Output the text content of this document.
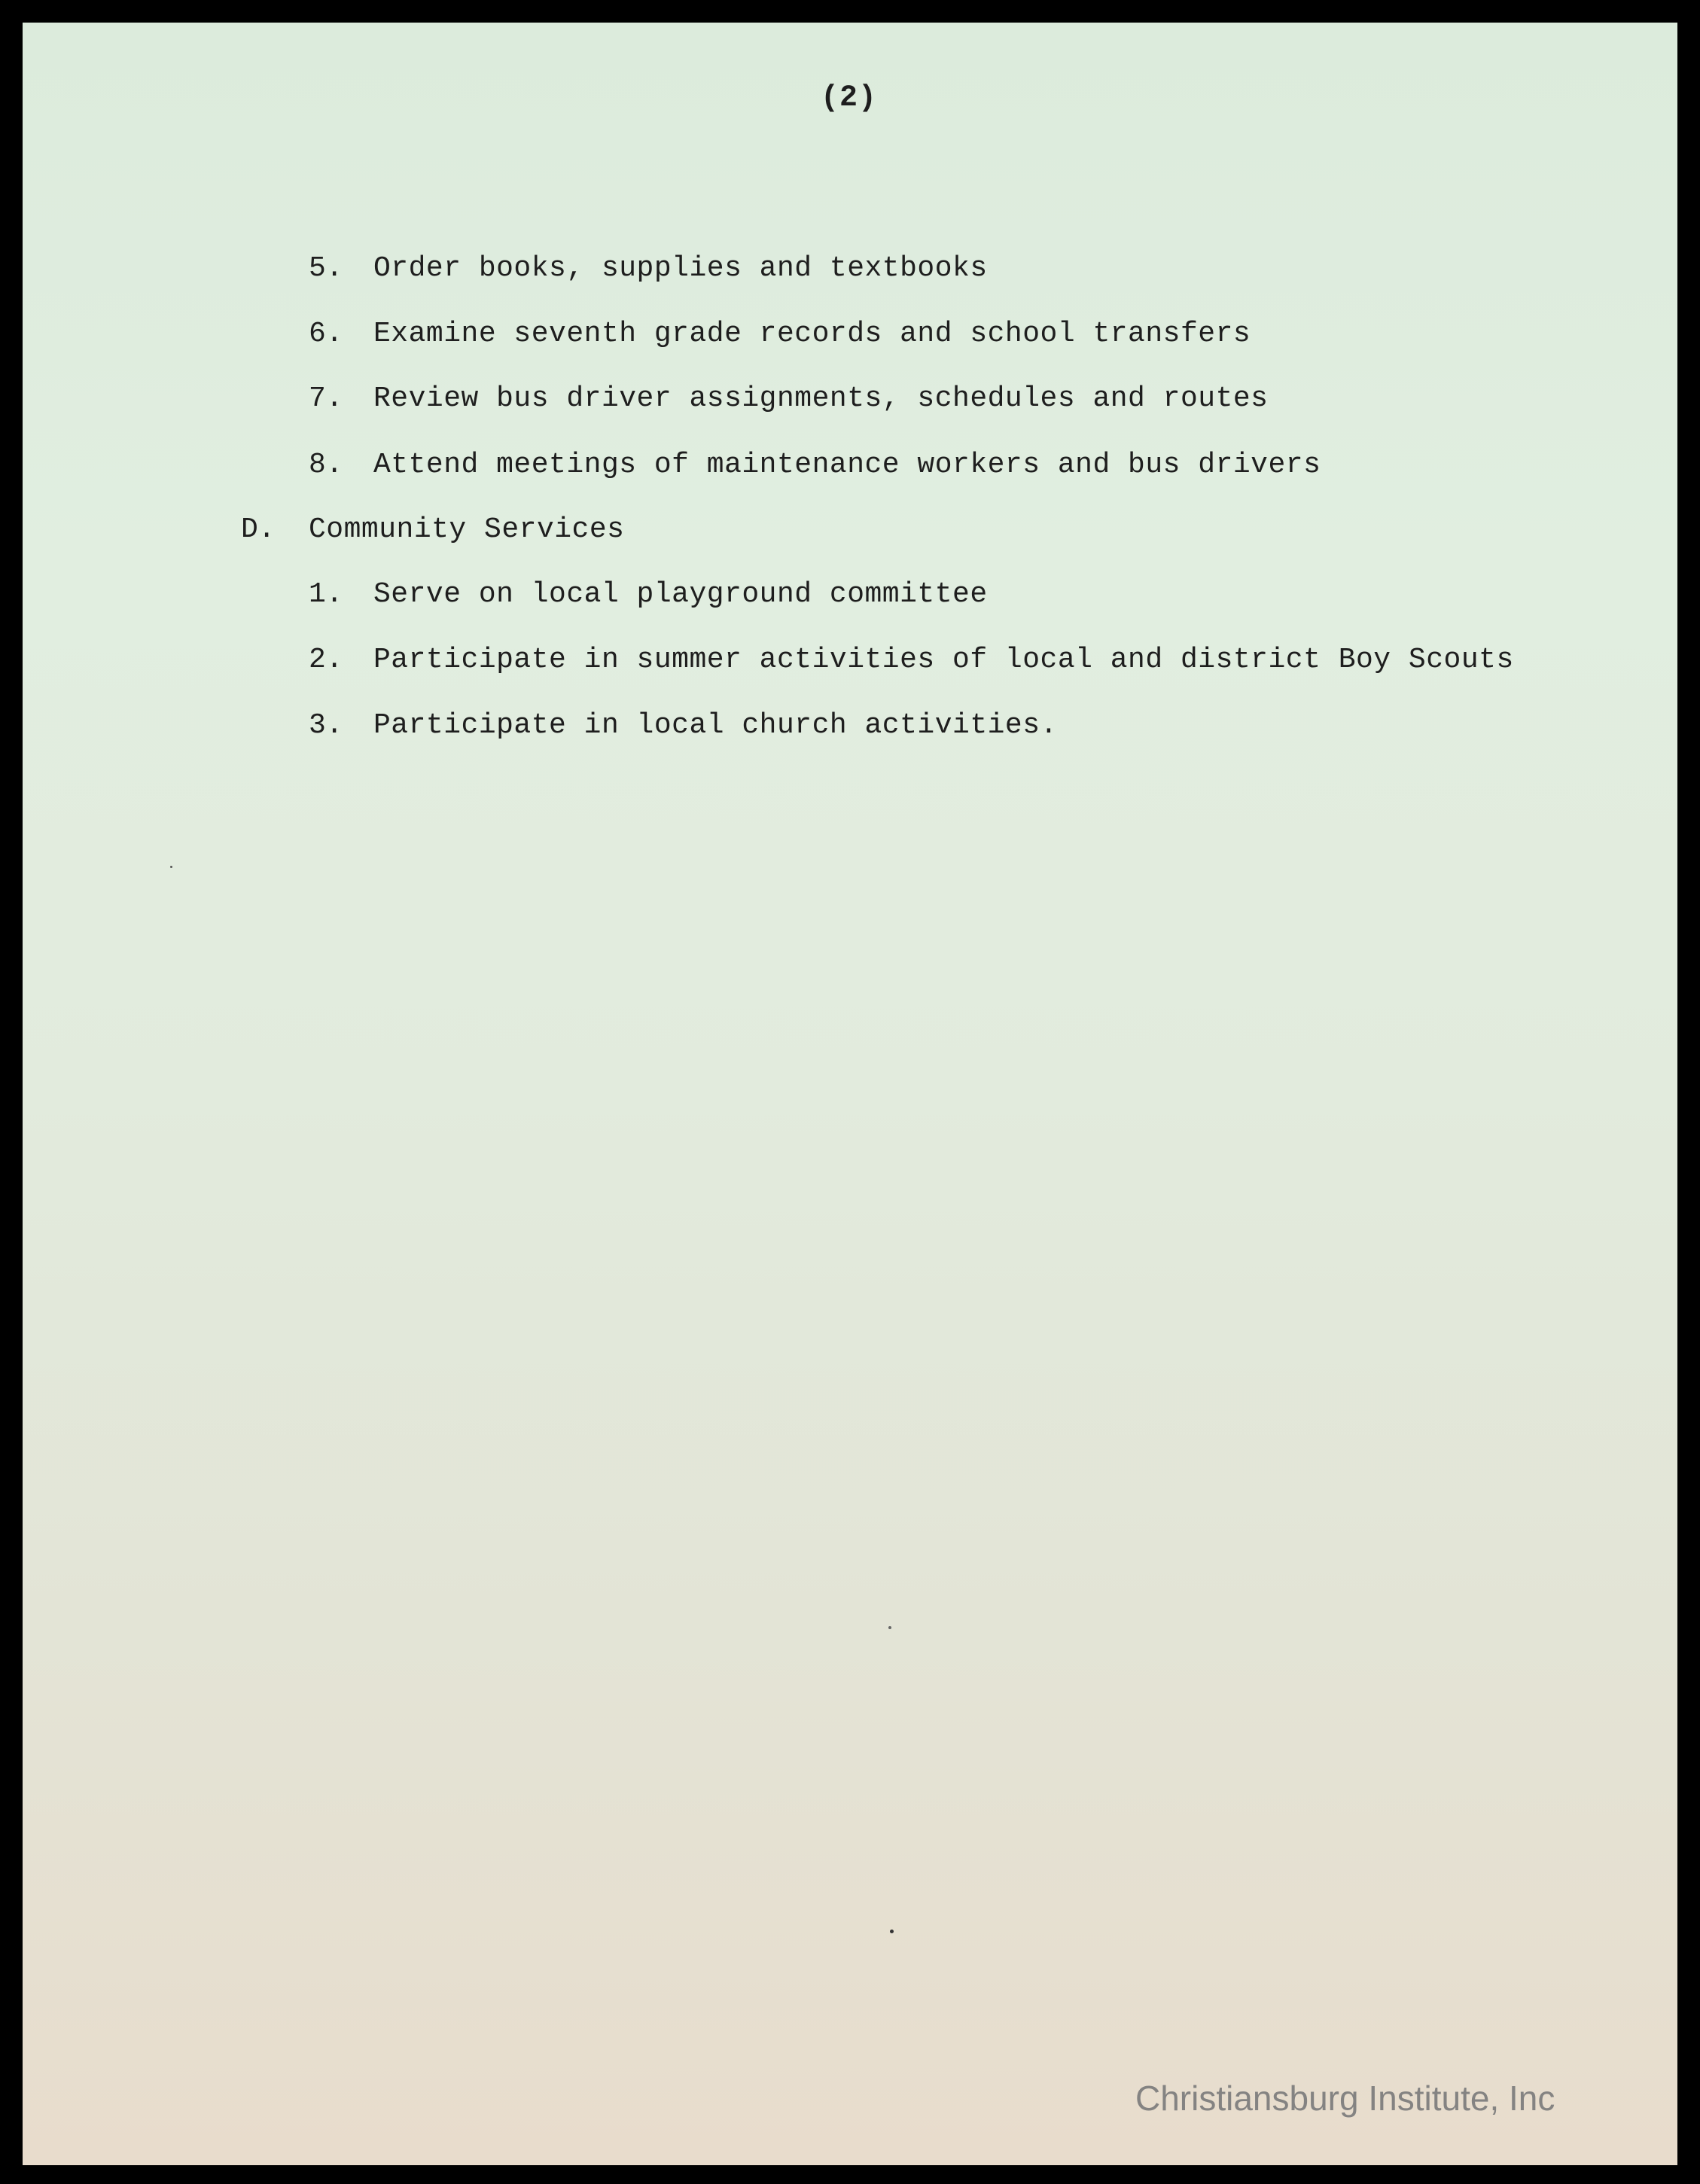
(2)
5. Order books, supplies and textbooks
6. Examine seventh grade records and school transfers
7. Review bus driver assignments, schedules and routes
8. Attend meetings of maintenance workers and bus drivers
D. Community Services
1. Serve on local playground committee
2. Participate in summer activities of local and district Boy Scouts
3. Participate in local church activities.
Christiansburg Institute, Inc
